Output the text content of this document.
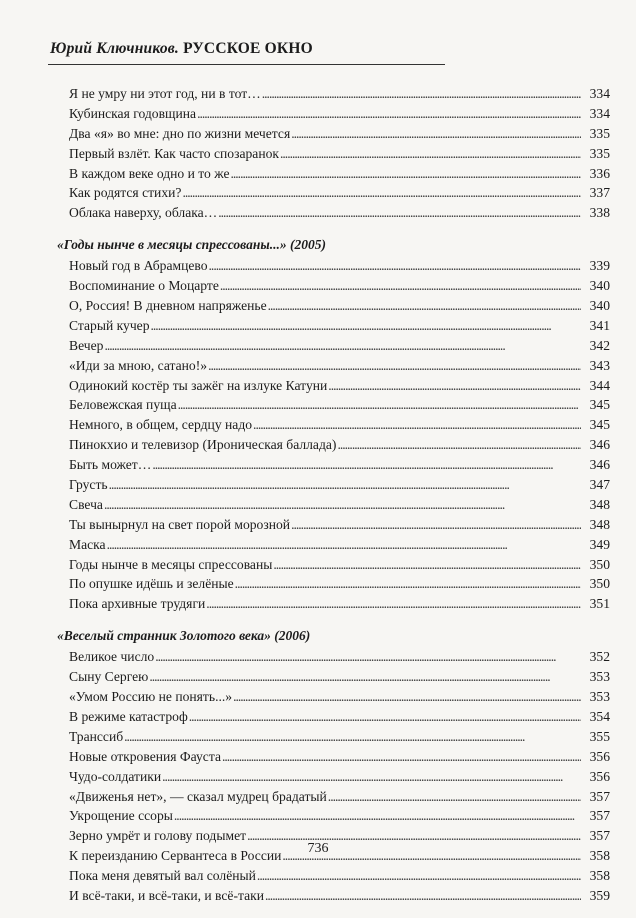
Юрий Ключников. РУССКОЕ ОКНО
Я не умру ни этот год, ни в тот… . . .	334
Кубинская годовщина . . .	334
Два «я» во мне: дно по жизни мечется . . .	335
Первый взлёт. Как часто спозаранок . . .	335
В каждом веке одно и то же . . .	336
Как родятся стихи? . . .	337
Облака наверху, облака… . . .	338
«Годы нынче в месяцы спрессованы...» (2005)
Новый год в Абрамцево . . .	339
Воспоминание о Моцарте . . .	340
О, Россия! В дневном напряженье . . .	340
Старый кучер . . .	341
Вечер . . .	342
«Иди за мною, сатано!» . . .	343
Одинокий костёр ты зажёг на излуке Катуни . . .	344
Беловежская пуща . . .	345
Немного, в общем, сердцу надо . . .	345
Пинокхио и телевизор (Ироническая баллада) . . .	346
Быть может… . . .	346
Грусть . . .	347
Свеча . . .	348
Ты вынырнул на свет порой морозной . . .	348
Маска . . .	349
Годы нынче в месяцы спрессованы . . .	350
По опушке идёшь и зелёные . . .	350
Пока архивные трудяги . . .	351
«Веселый странник Золотого века» (2006)
Великое число . . .	352
Сыну Сергею . . .	353
«Умом Россию не понять...» . . .	353
В режиме катастроф . . .	354
Транссиб . . .	355
Новые откровения Фауста . . .	356
Чудо-солдатики . . .	356
«Движенья нет», — сказал мудрец брадатый . . .	357
Укрощение ссоры . . .	357
Зерно умрёт и голову подымет . . .	357
К переизданию Сервантеса в России . . .	358
Пока меня девятый вал солёный . . .	358
И всё-таки, и всё-таки, и всё-таки . . .	359
736
